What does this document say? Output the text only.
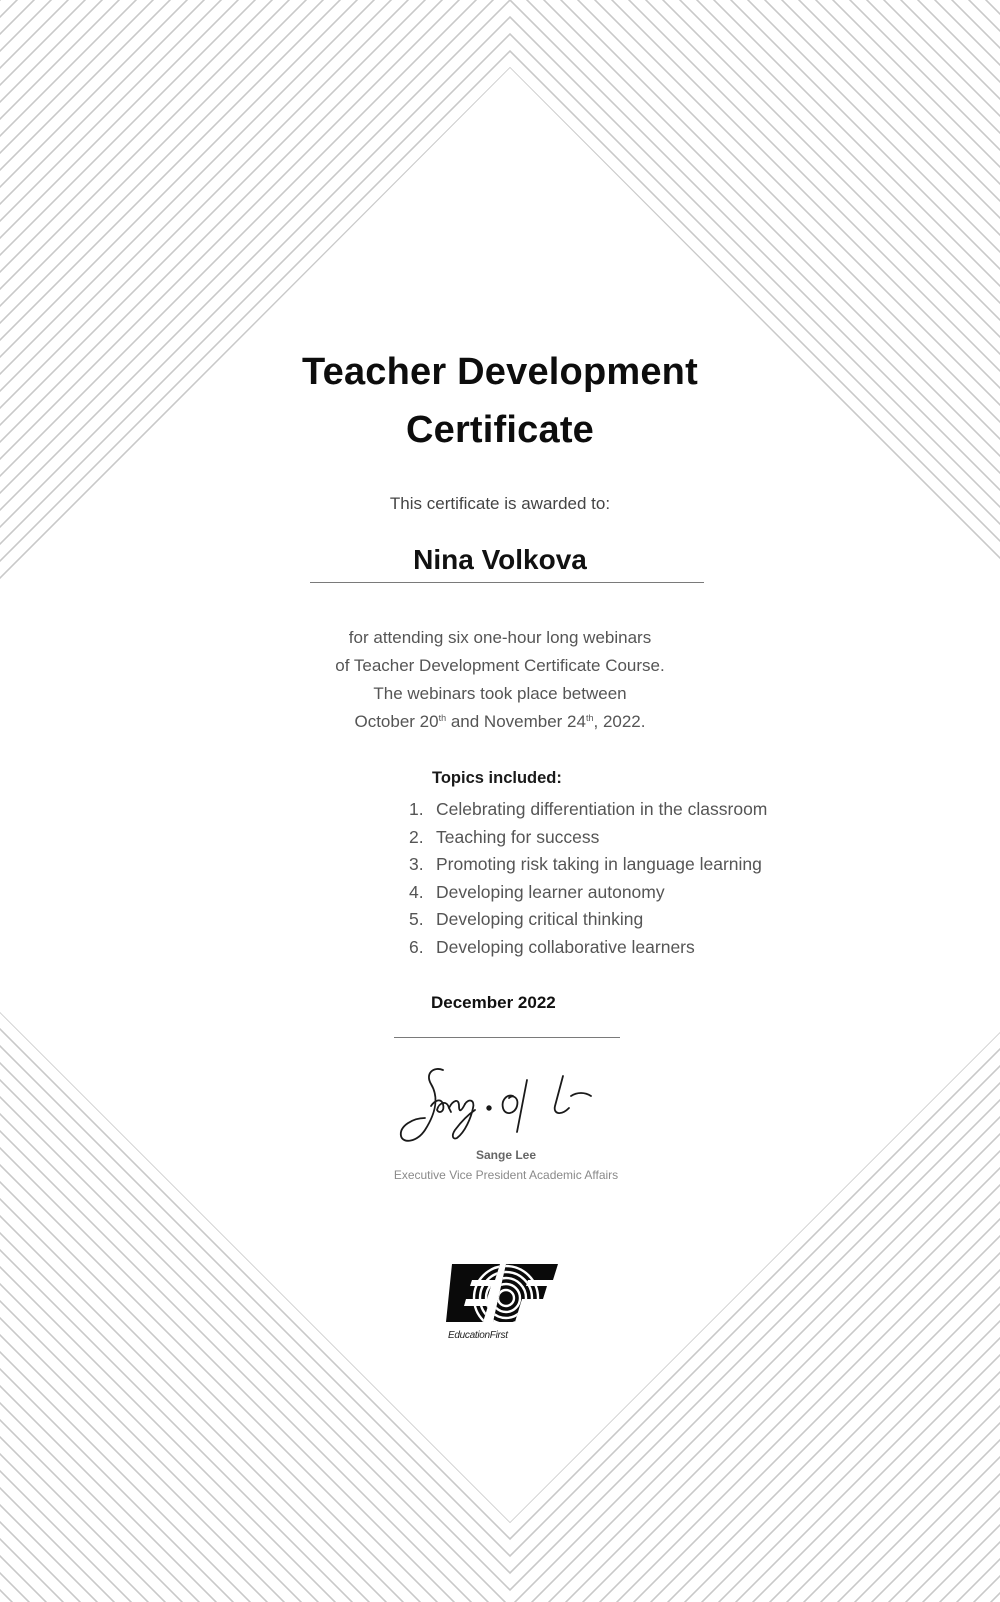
Teacher Development
Certificate
This certificate is awarded to:
Nina Volkova
for attending six one-hour long webinars
of Teacher Development Certificate Course.
The webinars took place between
October 20th and November 24th, 2022.
Topics included:
1. Celebrating differentiation in the classroom
2. Teaching for success
3. Promoting risk taking in language learning
4. Developing learner autonomy
5. Developing critical thinking
6. Developing collaborative learners
December 2022
Sange Lee
Executive Vice President Academic Affairs
EducationFirst
